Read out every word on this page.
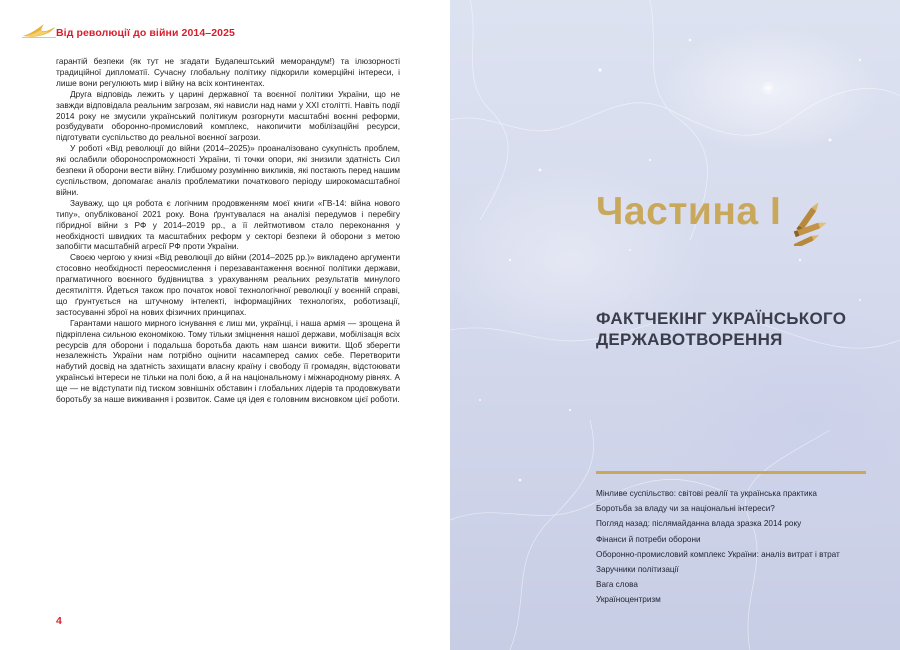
Від революції до війни 2014–2025

гарантій безпеки (як тут не згадати Будапештський меморандум!) та ілюзорності традиційної дипломатії. Сучасну глобальну політику підкорили комерційні інтереси, і лише вони регулюють мир і війну на всіх континентах.

Друга відповідь лежить у царині державної та воєнної політики України, що не завжди відповідала реальним загрозам, які нависли над нами у XXI столітті. Навіть події 2014 року не змусили український політикум розгорнути масштабні воєнні реформи, розбудувати оборонно-промисловий комплекс, накопичити мобілізаційні ресурси, підготувати суспільство до реальної воєнної загрози.

У роботі «Від революції до війни (2014–2025)» проаналізовано сукупність проблем, які ослабили обороноспроможності України, ті точки опори, які знизили здатність Сил безпеки й оборони вести війну. Глибшому розумінню викликів, які постають перед нашим суспільством, допомагає аналіз проблематики початкового періоду широкомасштабної війни.

Зауважу, що ця робота є логічним продовженням моєї книги «ГВ-14: війна нового типу», опублікованої 2021 року. Вона ґрунтувалася на аналізі передумов і перебігу гібридної війни з РФ у 2014–2019 рр., а її лейтмотивом стало переконання у необхідності швидких та масштабних реформ у секторі безпеки й оборони з метою запобігти масштабній агресії РФ проти України.

Своєю чергою у книзі «Від революції до війни (2014–2025 рр.)» викладено аргументи стосовно необхідності переосмислення і перезавантаження воєнної політики держави, прагматичного воєнного будівництва з урахуванням реальних результатів минулого десятиліття. Йдеться також про початок нової технологічної революції у воєнній справі, що ґрунтується на штучному інтелекті, інформаційних технологіях, роботизації, застосуванні зброї на нових фізичних принципах.

Гарантами нашого мирного існування є лиш ми, українці, і наша армія — зрощена й підкріплена сильною економікою. Тому тільки зміцнення нашої держави, мобілізація всіх ресурсів для оборони і подальша боротьба дають нам шанси вижити. Щоб зберегти незалежність України нам потрібно оцінити насамперед самих себе. Перетворити набутий досвід на здатність захищати власну країну і свободу її громадян, відстоювати українські інтереси не тільки на полі бою, а й на національному і міжнародному рівнях. А ще — не відступати під тиском зовнішніх обставин і глобальних лідерів та продовжувати боротьбу за наше виживання і розвиток. Саме ця ідея є головним висновком цієї роботи.

4
Частина I
ФАКТЧЕКІНГ УКРАЇНСЬКОГО ДЕРЖАВОТВОРЕННЯ
Мінливе суспільство: світові реалії та українська практика
Боротьба за владу чи за національні інтереси?
Погляд назад: післямайданна влада зразка 2014 року
Фінанси й потреби оборони
Оборонно-промисловий комплекс України: аналіз витрат і втрат
Заручники політизації
Вага слова
Україноцентризм
